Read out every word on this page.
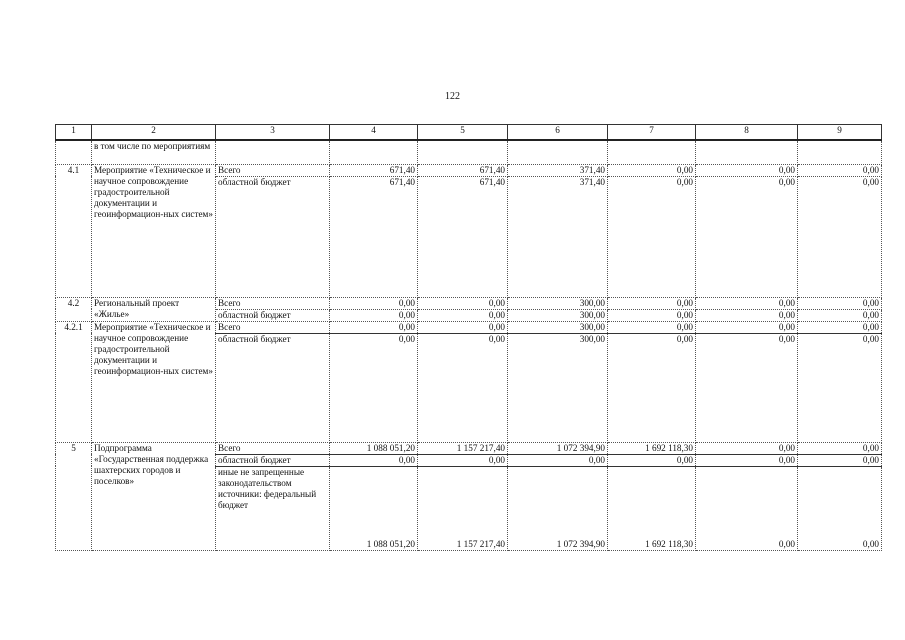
122
1	2	3	4	5	6	7	8	9
	в том числе по мероприятиям							
4.1	Мероприятие «Техническое и научное сопровождение градостроительной документации и геоинформацион-ных систем»	Всего	671,40	671,40	371,40	0,00	0,00	0,00
		областной бюджет	671,40	671,40	371,40	0,00	0,00	0,00
4.2	Региональный проект «Жилье»	Всего	0,00	0,00	300,00	0,00	0,00	0,00
		областной бюджет	0,00	0,00	300,00	0,00	0,00	0,00
4.2.1	Мероприятие «Техническое и научное сопровождение градостроительной документации и геоинформацион-ных систем»	Всего	0,00	0,00	300,00	0,00	0,00	0,00
		областной бюджет	0,00	0,00	300,00	0,00	0,00	0,00
5	Подпрограмма «Государственная поддержка шахтерских городов и поселков»	Всего	1 088 051,20	1 157 217,40	1 072 394,90	1 692 118,30	0,00	0,00
		областной бюджет	0,00	0,00	0,00	0,00	0,00	0,00
		иные не запрещенные законодательством источники: федеральный бюджет	1 088 051,20	1 157 217,40	1 072 394,90	1 692 118,30	0,00	0,00
